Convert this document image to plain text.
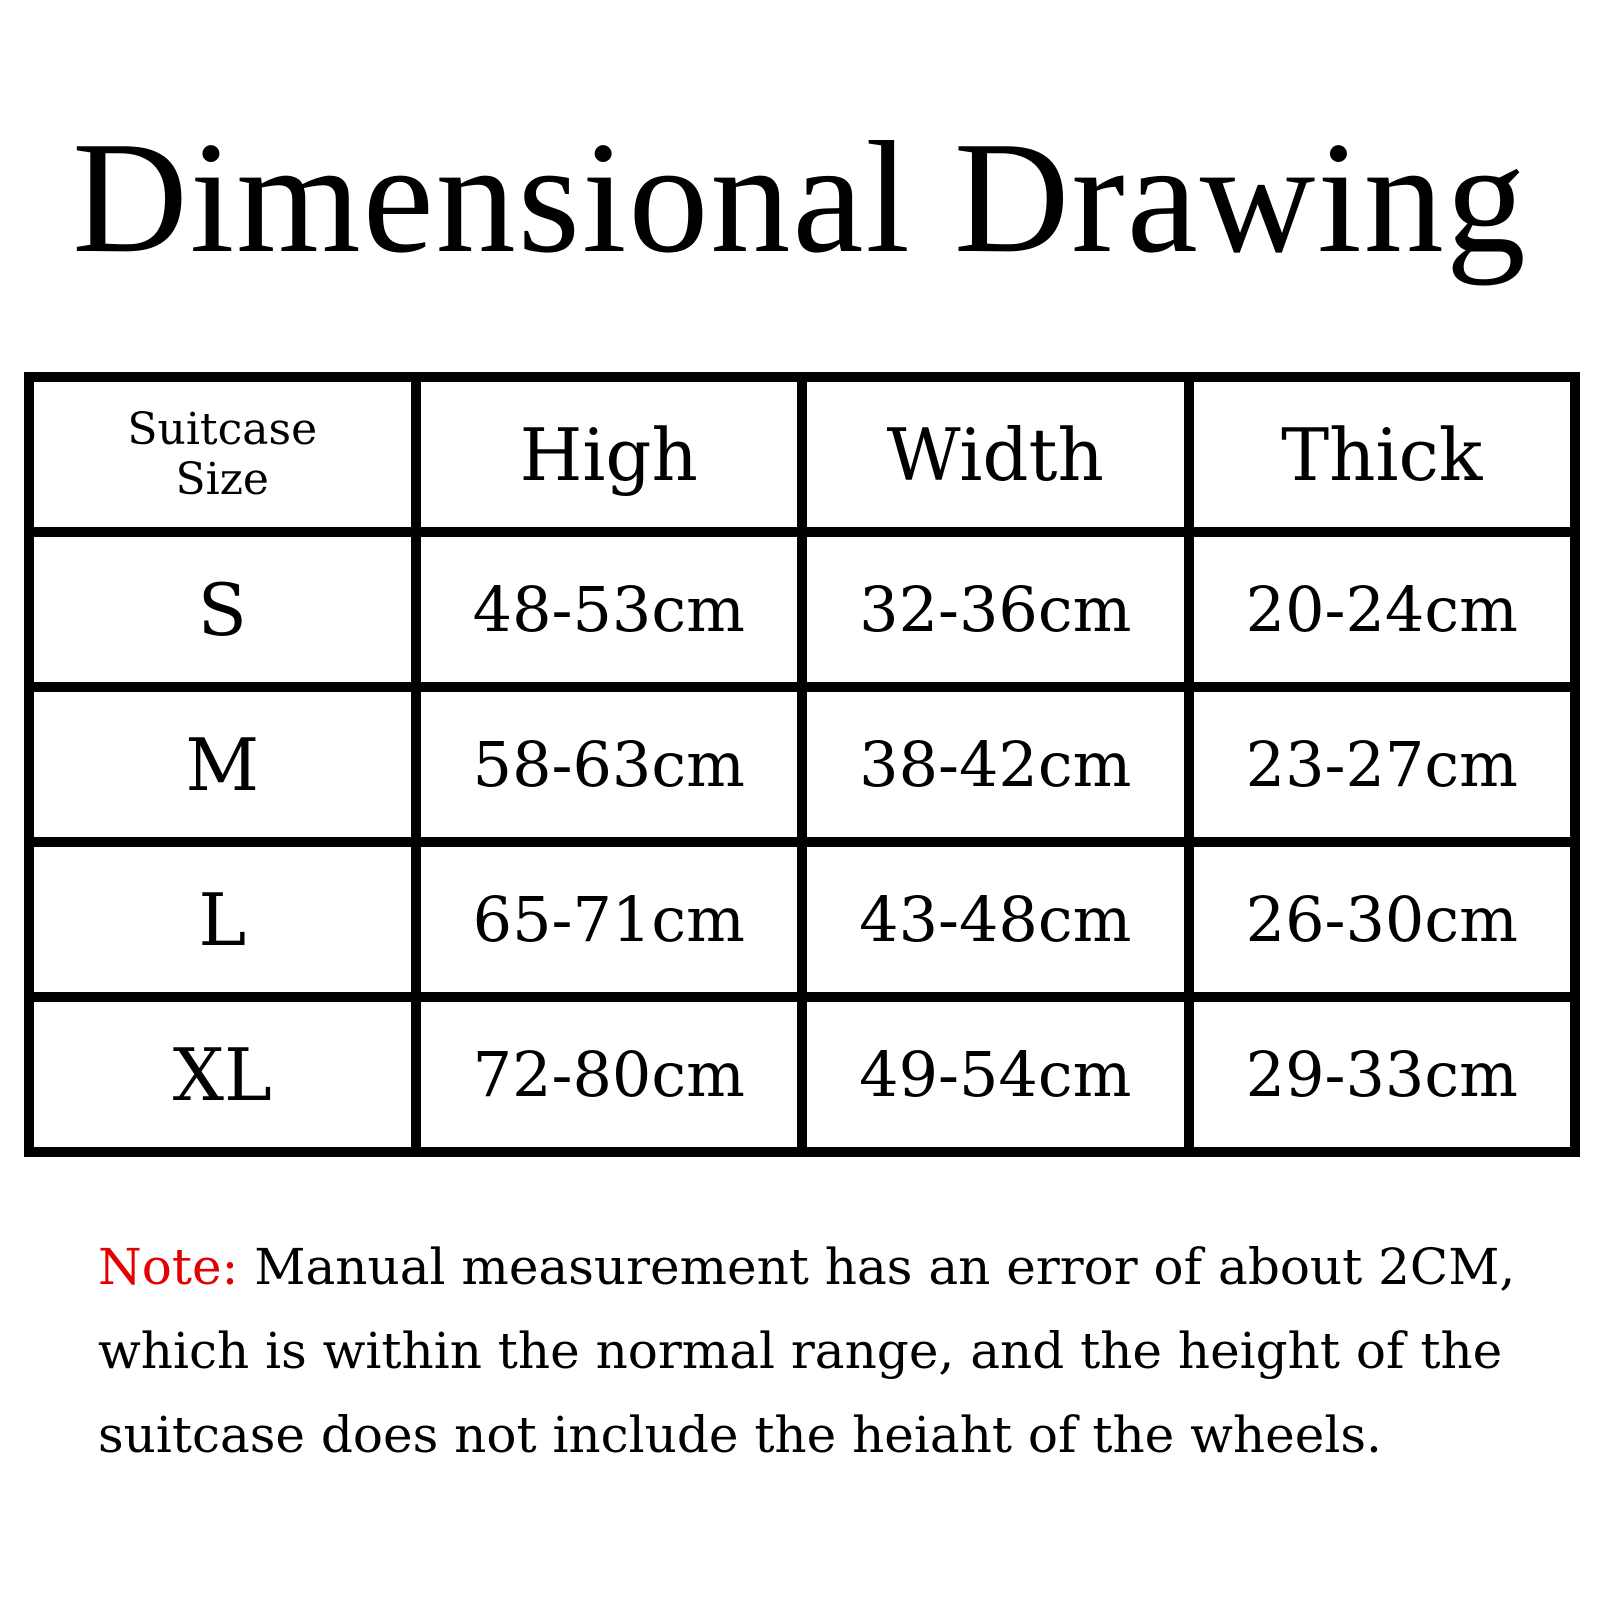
Dimensional Drawing
Suitcase
Size	High	Width	Thick
S	48-53cm	32-36cm	20-24cm
M	58-63cm	38-42cm	23-27cm
L	65-71cm	43-48cm	26-30cm
XL	72-80cm	49-54cm	29-33cm
Note: Manual measurement has an error of about 2CM, which is within the normal range, and the height of the suitcase does not include the heiaht of the wheels.
